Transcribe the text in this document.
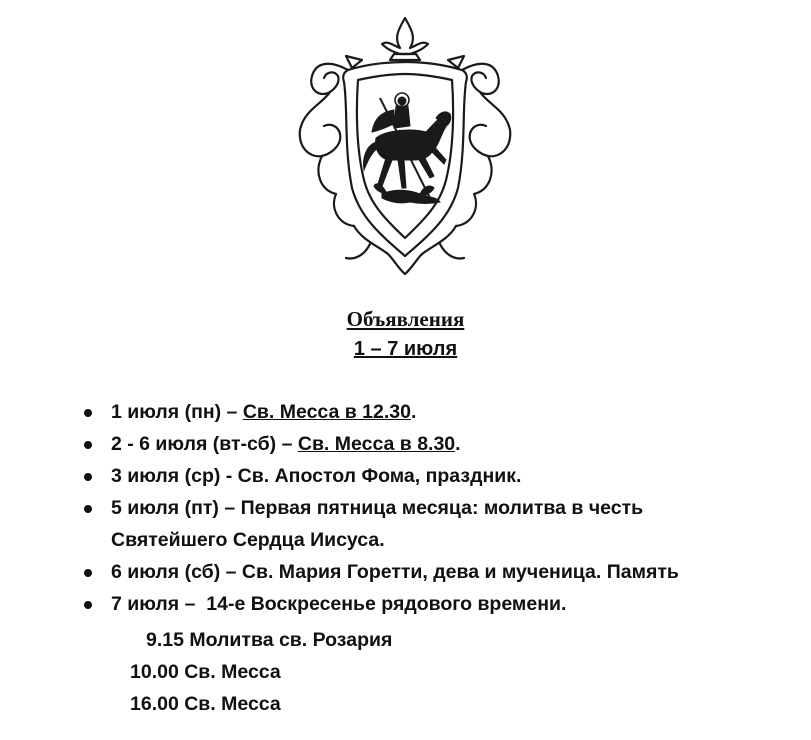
Объявления
1 – 7 июля
1 июля (пн) – Св. Месса в 12.30.
2 - 6 июля (вт-сб) – Св. Месса в 8.30.
3 июля (ср) - Св. Апостол Фома, праздник.
5 июля (пт) – Первая пятница месяца: молитва в честь
Святейшего Сердца Иисуса.
6 июля (сб) – Св. Мария Горетти, дева и мученица. Память
7 июля –  14-е Воскресенье рядового времени.
9.15 Молитва св. Розария
10.00 Св. Месса
16.00 Св. Месса
